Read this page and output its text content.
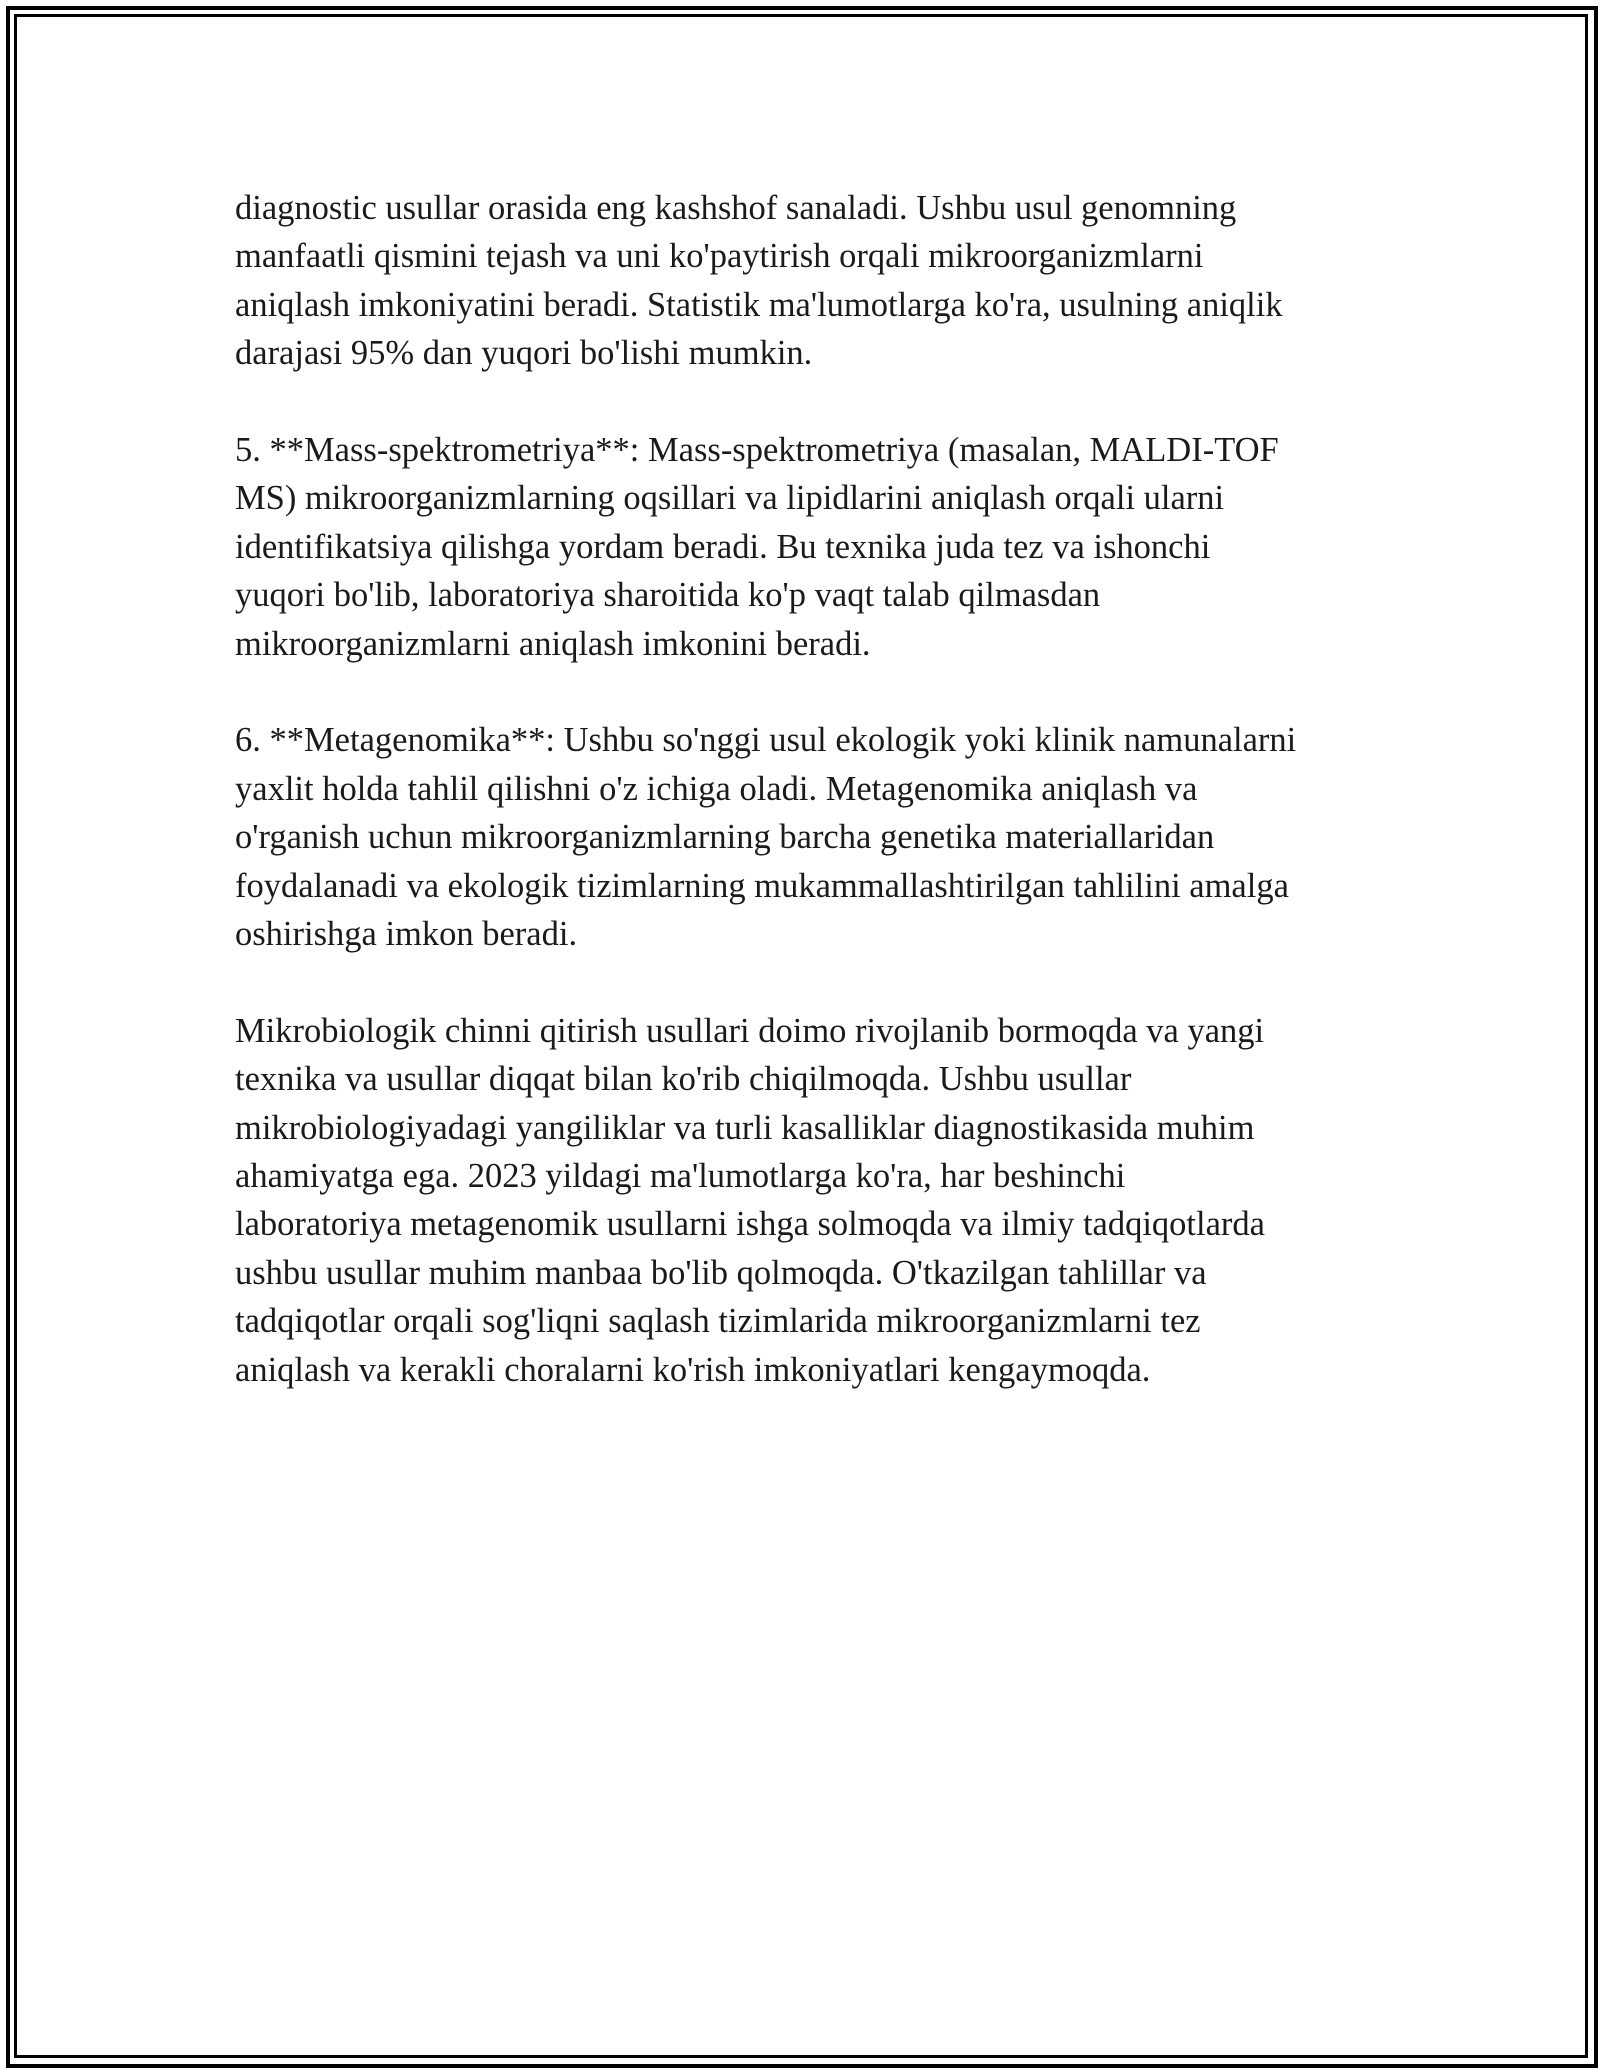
diagnostic usullar orasida eng kashshof sanaladi. Ushbu usul genomning
manfaatli qismini tejash va uni ko'paytirish orqali mikroorganizmlarni
aniqlash imkoniyatini beradi. Statistik ma'lumotlarga ko'ra, usulning aniqlik
darajasi 95% dan yuqori bo'lishi mumkin.

5. **Mass-spektrometriya**: Mass-spektrometriya (masalan, MALDI-TOF
MS) mikroorganizmlarning oqsillari va lipidlarini aniqlash orqali ularni
identifikatsiya qilishga yordam beradi. Bu texnika juda tez va ishonchi
yuqori bo'lib, laboratoriya sharoitida ko'p vaqt talab qilmasdan
mikroorganizmlarni aniqlash imkonini beradi.

6. **Metagenomika**: Ushbu so'nggi usul ekologik yoki klinik namunalarni
yaxlit holda tahlil qilishni o'z ichiga oladi. Metagenomika aniqlash va
o'rganish uchun mikroorganizmlarning barcha genetika materiallaridan
foydalanadi va ekologik tizimlarning mukammallashtirilgan tahlilini amalga
oshirishga imkon beradi.

Mikrobiologik chinni qitirish usullari doimo rivojlanib bormoqda va yangi
texnika va usullar diqqat bilan ko'rib chiqilmoqda. Ushbu usullar
mikrobiologiyadagi yangiliklar va turli kasalliklar diagnostikasida muhim
ahamiyatga ega. 2023 yildagi ma'lumotlarga ko'ra, har beshinchi
laboratoriya metagenomik usullarni ishga solmoqda va ilmiy tadqiqotlarda
ushbu usullar muhim manbaa bo'lib qolmoqda. O'tkazilgan tahlillar va
tadqiqotlar orqali sog'liqni saqlash tizimlarida mikroorganizmlarni tez
aniqlash va kerakli choralarni ko'rish imkoniyatlari kengaymoqda.
